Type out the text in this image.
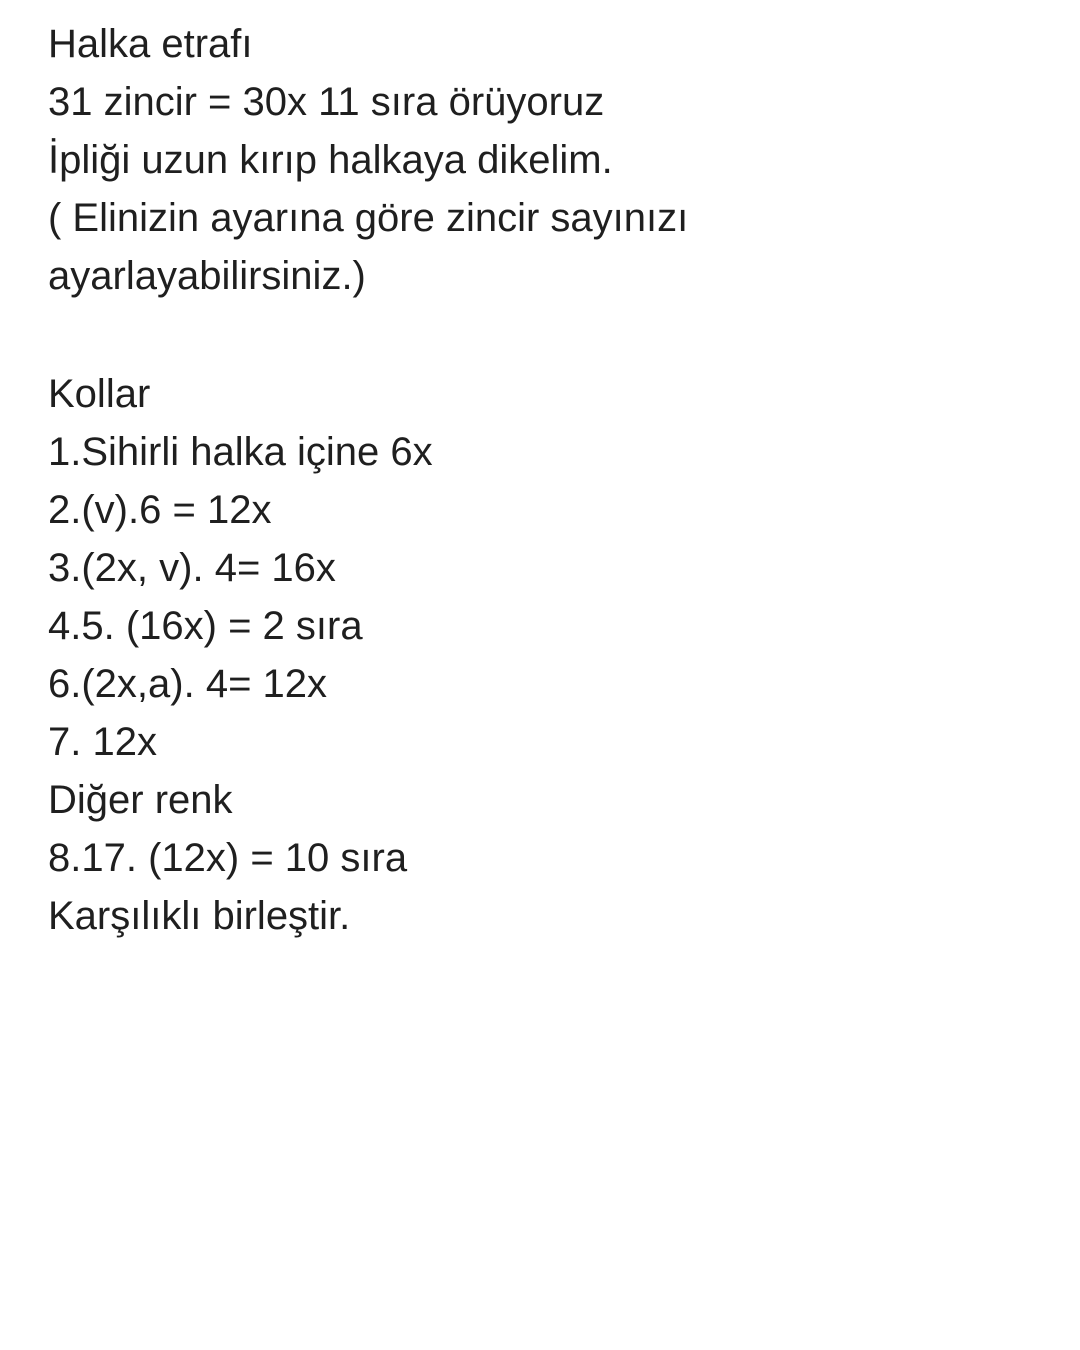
Halka etrafı
31 zincir = 30x 11 sıra örüyoruz
İpliği uzun kırıp halkaya dikelim.
( Elinizin ayarına göre zincir sayınızı
ayarlayabilirsiniz.)
Kollar
1.Sihirli halka içine 6x
2.(v).6 = 12x
3.(2x, v). 4= 16x
4.5. (16x) = 2 sıra
6.(2x,a). 4= 12x
7. 12x
Diğer renk
8.17. (12x) = 10 sıra
Karşılıklı birleştir.
